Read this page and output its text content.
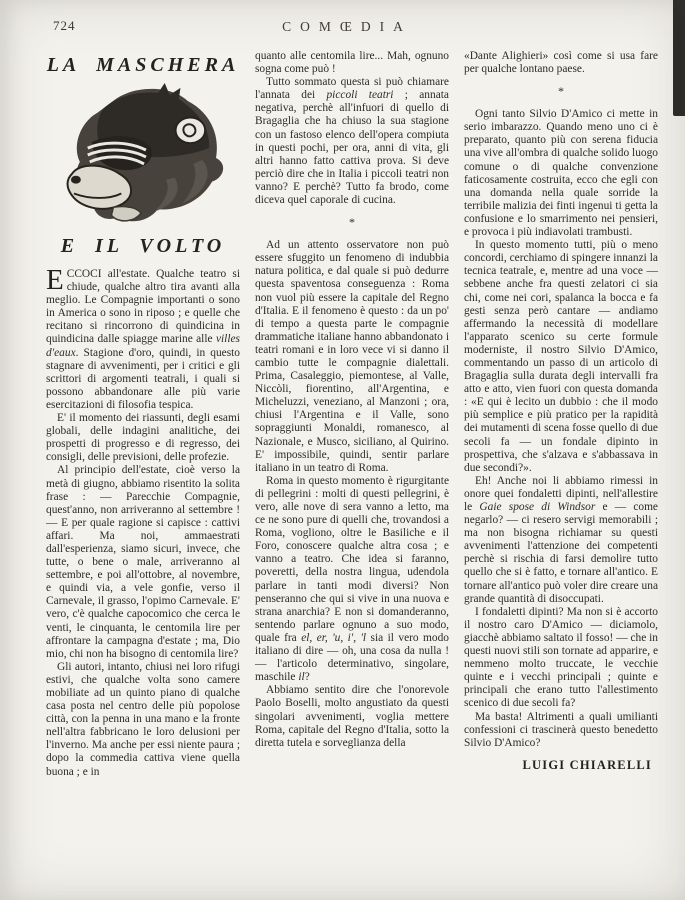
724	COMŒDIA
LA MASCHERA
E IL VOLTO

ECCOCI all'estate. Qualche teatro si chiude, qualche altro tira avanti alla meglio. Le Compagnie importanti o sono in America o sono in riposo ; e quelle che recitano si rincorrono di quindicina in quindicina dalle spiagge marine alle villes d'eaux. Stagione d'oro, quindi, in questo stagnare di avvenimenti, per i critici e gli scrittori di argomenti teatrali, i quali si possono abbandonare alle più varie esercitazioni di filosofia tespica.

E' il momento dei riassunti, degli esami globali, delle indagini analitiche, dei prospetti di progresso e di regresso, dei consigli, delle previsioni, delle profezie.

Al principio dell'estate, cioè verso la metà di giugno, abbiamo risentito la solita frase : — Parecchie Compagnie, quest'anno, non arriveranno al settembre ! — E per quale ragione si capisce : cattivi affari. Ma noi, ammaestrati dall'esperienza, siamo sicuri, invece, che tutte, o bene o male, arriveranno al settembre, e poi all'ottobre, al novembre, e quindi via, a vele gonfie, verso il Carnevale, il grasso, l'opimo Carnevale. E' vero, c'è qualche capocomico che cerca le venti, le cinquanta, le centomila lire per affrontare la campagna d'estate ; ma, Dio mio, chi non ha bisogno di centomila lire?

Gli autori, intanto, chiusi nei loro rifugi estivi, che qualche volta sono camere mobiliate ad un quinto piano di qualche casa posta nel centro delle più popolose città, con la penna in una mano e la fronte nell'altra fabbricano le loro delusioni per l'inverno. Ma anche per essi niente paura ; dopo la commedia cattiva viene quella buona ; e in

quanto alle centomila lire... Mah, ognuno sogna come può !

Tutto sommato questa si può chiamare l'annata dei piccoli teatri ; annata negativa, perchè all'infuori di quello di Bragaglia che ha chiuso la sua stagione con un fastoso elenco dell'opera compiuta in questi pochi, per ora, anni di vita, gli altri hanno fatto cattiva prova. Si deve perciò dire che in Italia i piccoli teatri non vanno? E perchè? Tutto fa brodo, come diceva quel caporale di cucina.

*

Ad un attento osservatore non può essere sfuggito un fenomeno di indubbia natura politica, e dal quale si può dedurre questa spaventosa conseguenza : Roma non vuol più essere la capitale del Regno d'Italia. E il fenomeno è questo : da un po' di tempo a questa parte le compagnie drammatiche italiane hanno abbandonato i teatri romani e in loro vece vi si danno il cambio tutte le compagnie dialettali. Prima, Casaleggio, piemontese, al Valle, Niccòli, fiorentino, all'Argentina, e Micheluzzi, veneziano, al Manzoni ; ora, chiusi l'Argentina e il Valle, sono sopraggiunti Monaldi, romanesco, al Nazionale, e Musco, siciliano, al Quirino. E' impossibile, quindi, sentir parlare italiano in un teatro di Roma.

Roma in questo momento è rigurgitante di pellegrini : molti di questi pellegrini, è vero, alle nove di sera vanno a letto, ma ce ne sono pure di quelli che, trovandosi a Roma, vogliono, oltre le Basiliche e il Foro, conoscere qualche altra cosa ; e vanno a teatro. Che idea si faranno, poveretti, della nostra lingua, udendola parlare in tanti modi diversi? Non penseranno che qui si vive in una nuova e strana anarchia? E non si domanderanno, sentendo parlare ognuno a suo modo, quale fra el, er, 'u, i', 'l sia il vero modo italiano di dire — oh, una cosa da nulla ! — l'articolo determinativo, singolare, maschile il?

Abbiamo sentito dire che l'onorevole Paolo Boselli, molto angustiato da questi singolari avvenimenti, voglia mettere Roma, capitale del Regno d'Italia, sotto la diretta tutela e sorveglianza della

«Dante Alighieri» così come si usa fare per qualche lontano paese.

*

Ogni tanto Silvio D'Amico ci mette in serio imbarazzo. Quando meno uno ci è preparato, quanto più con serena fiducia una vive all'ombra di qualche solido luogo comune o di qualche convenzione faticosamente costruita, ecco che egli con una domanda nella quale sorride la terribile malizia dei finti ingenui ti getta la confusione e lo smarrimento nei pensieri, e provoca i più indiavolati trambusti.

In questo momento tutti, più o meno concordi, cerchiamo di spingere innanzi la tecnica teatrale, e, mentre ad una voce — sebbene anche fra questi zelatori ci sia chi, come nei cori, spalanca la bocca e fa gesti senza però cantare — andiamo affermando la necessità di modellare l'apparato scenico su certe formule moderniste, il nostro Silvio D'Amico, commentando un passo di un articolo di Bragaglia sulla durata degli intervalli fra atto e atto, vien fuori con questa domanda : «E qui è lecito un dubbio : che il modo più semplice e più pratico per la rapidità dei mutamenti di scena fosse quello di due secoli fa — un fondale dipinto in prospettiva, che s'alzava e s'abbassava in due secondi?».

Eh! Anche noi li abbiamo rimessi in onore quei fondaletti dipinti, nell'allestire le Gaie spose di Windsor e — come negarlo? — ci resero servigi memorabili ; ma non bisogna richiamar su questi avvenimenti l'attenzione dei competenti perchè si rischia di farsi demolire tutto quello che si è fatto, e tornare all'antico. E tornare all'antico può voler dire creare una grande quantità di disoccupati.

I fondaletti dipinti? Ma non si è accorto il nostro caro D'Amico — diciamolo, giacchè abbiamo saltato il fosso! — che in questi nuovi stili son tornate ad apparire, e nemmeno molto truccate, le vecchie quinte e i vecchi principali ; quinte e principali che erano tutto l'allestimento scenico di due secoli fa?

Ma basta! Altrimenti a quali umilianti confessioni ci trascinerà questo benedetto Silvio D'Amico?

LUIGI CHIARELLI
